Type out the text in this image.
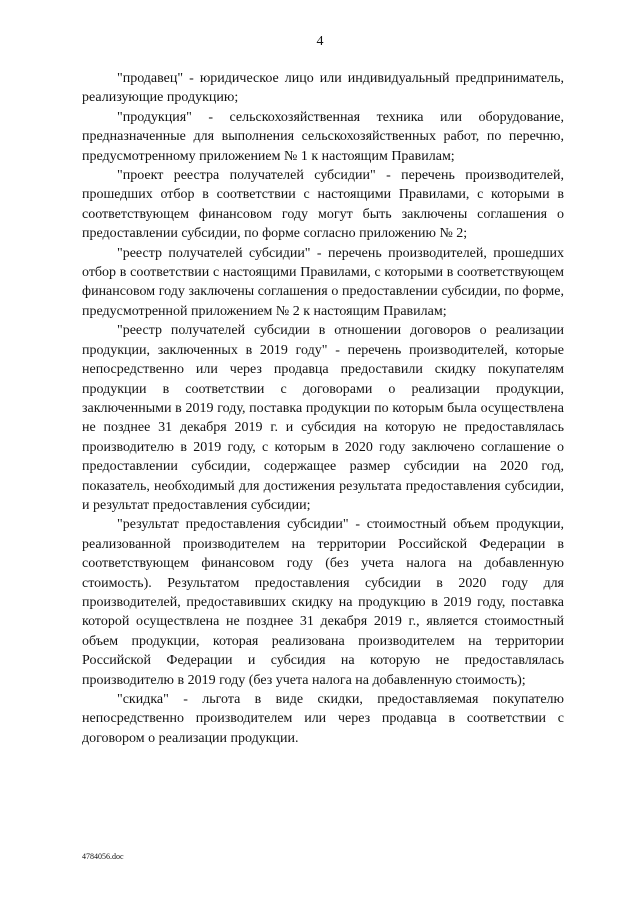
4

"продавец" - юридическое лицо или индивидуальный предприниматель, реализующие продукцию;

"продукция" - сельскохозяйственная техника или оборудование, предназначенные для выполнения сельскохозяйственных работ, по перечню, предусмотренному приложением № 1 к настоящим Правилам;

"проект реестра получателей субсидии" - перечень производителей, прошедших отбор в соответствии с настоящими Правилами, с которыми в соответствующем финансовом году могут быть заключены соглашения о предоставлении субсидии, по форме согласно приложению № 2;

"реестр получателей субсидии" - перечень производителей, прошедших отбор в соответствии с настоящими Правилами, с которыми в соответствующем финансовом году заключены соглашения о предоставлении субсидии, по форме, предусмотренной приложением № 2 к настоящим Правилам;

"реестр получателей субсидии в отношении договоров о реализации продукции, заключенных в 2019 году" - перечень производителей, которые непосредственно или через продавца предоставили скидку покупателям продукции в соответствии с договорами о реализации продукции, заключенными в 2019 году, поставка продукции по которым была осуществлена не позднее 31 декабря 2019 г. и субсидия на которую не предоставлялась производителю в 2019 году, с которым в 2020 году заключено соглашение о предоставлении субсидии, содержащее размер субсидии на 2020 год, показатель, необходимый для достижения результата предоставления субсидии, и результат предоставления субсидии;

"результат предоставления субсидии" - стоимостный объем продукции, реализованной производителем на территории Российской Федерации в соответствующем финансовом году (без учета налога на добавленную стоимость). Результатом предоставления субсидии в 2020 году для производителей, предоставивших скидку на продукцию в 2019 году, поставка которой осуществлена не позднее 31 декабря 2019 г., является стоимостный объем продукции, которая реализована производителем на территории Российской Федерации и субсидия на которую не предоставлялась производителю в 2019 году (без учета налога на добавленную стоимость);

"скидка" - льгота в виде скидки, предоставляемая покупателю непосредственно производителем или через продавца в соответствии с договором о реализации продукции.

4784056.doc
